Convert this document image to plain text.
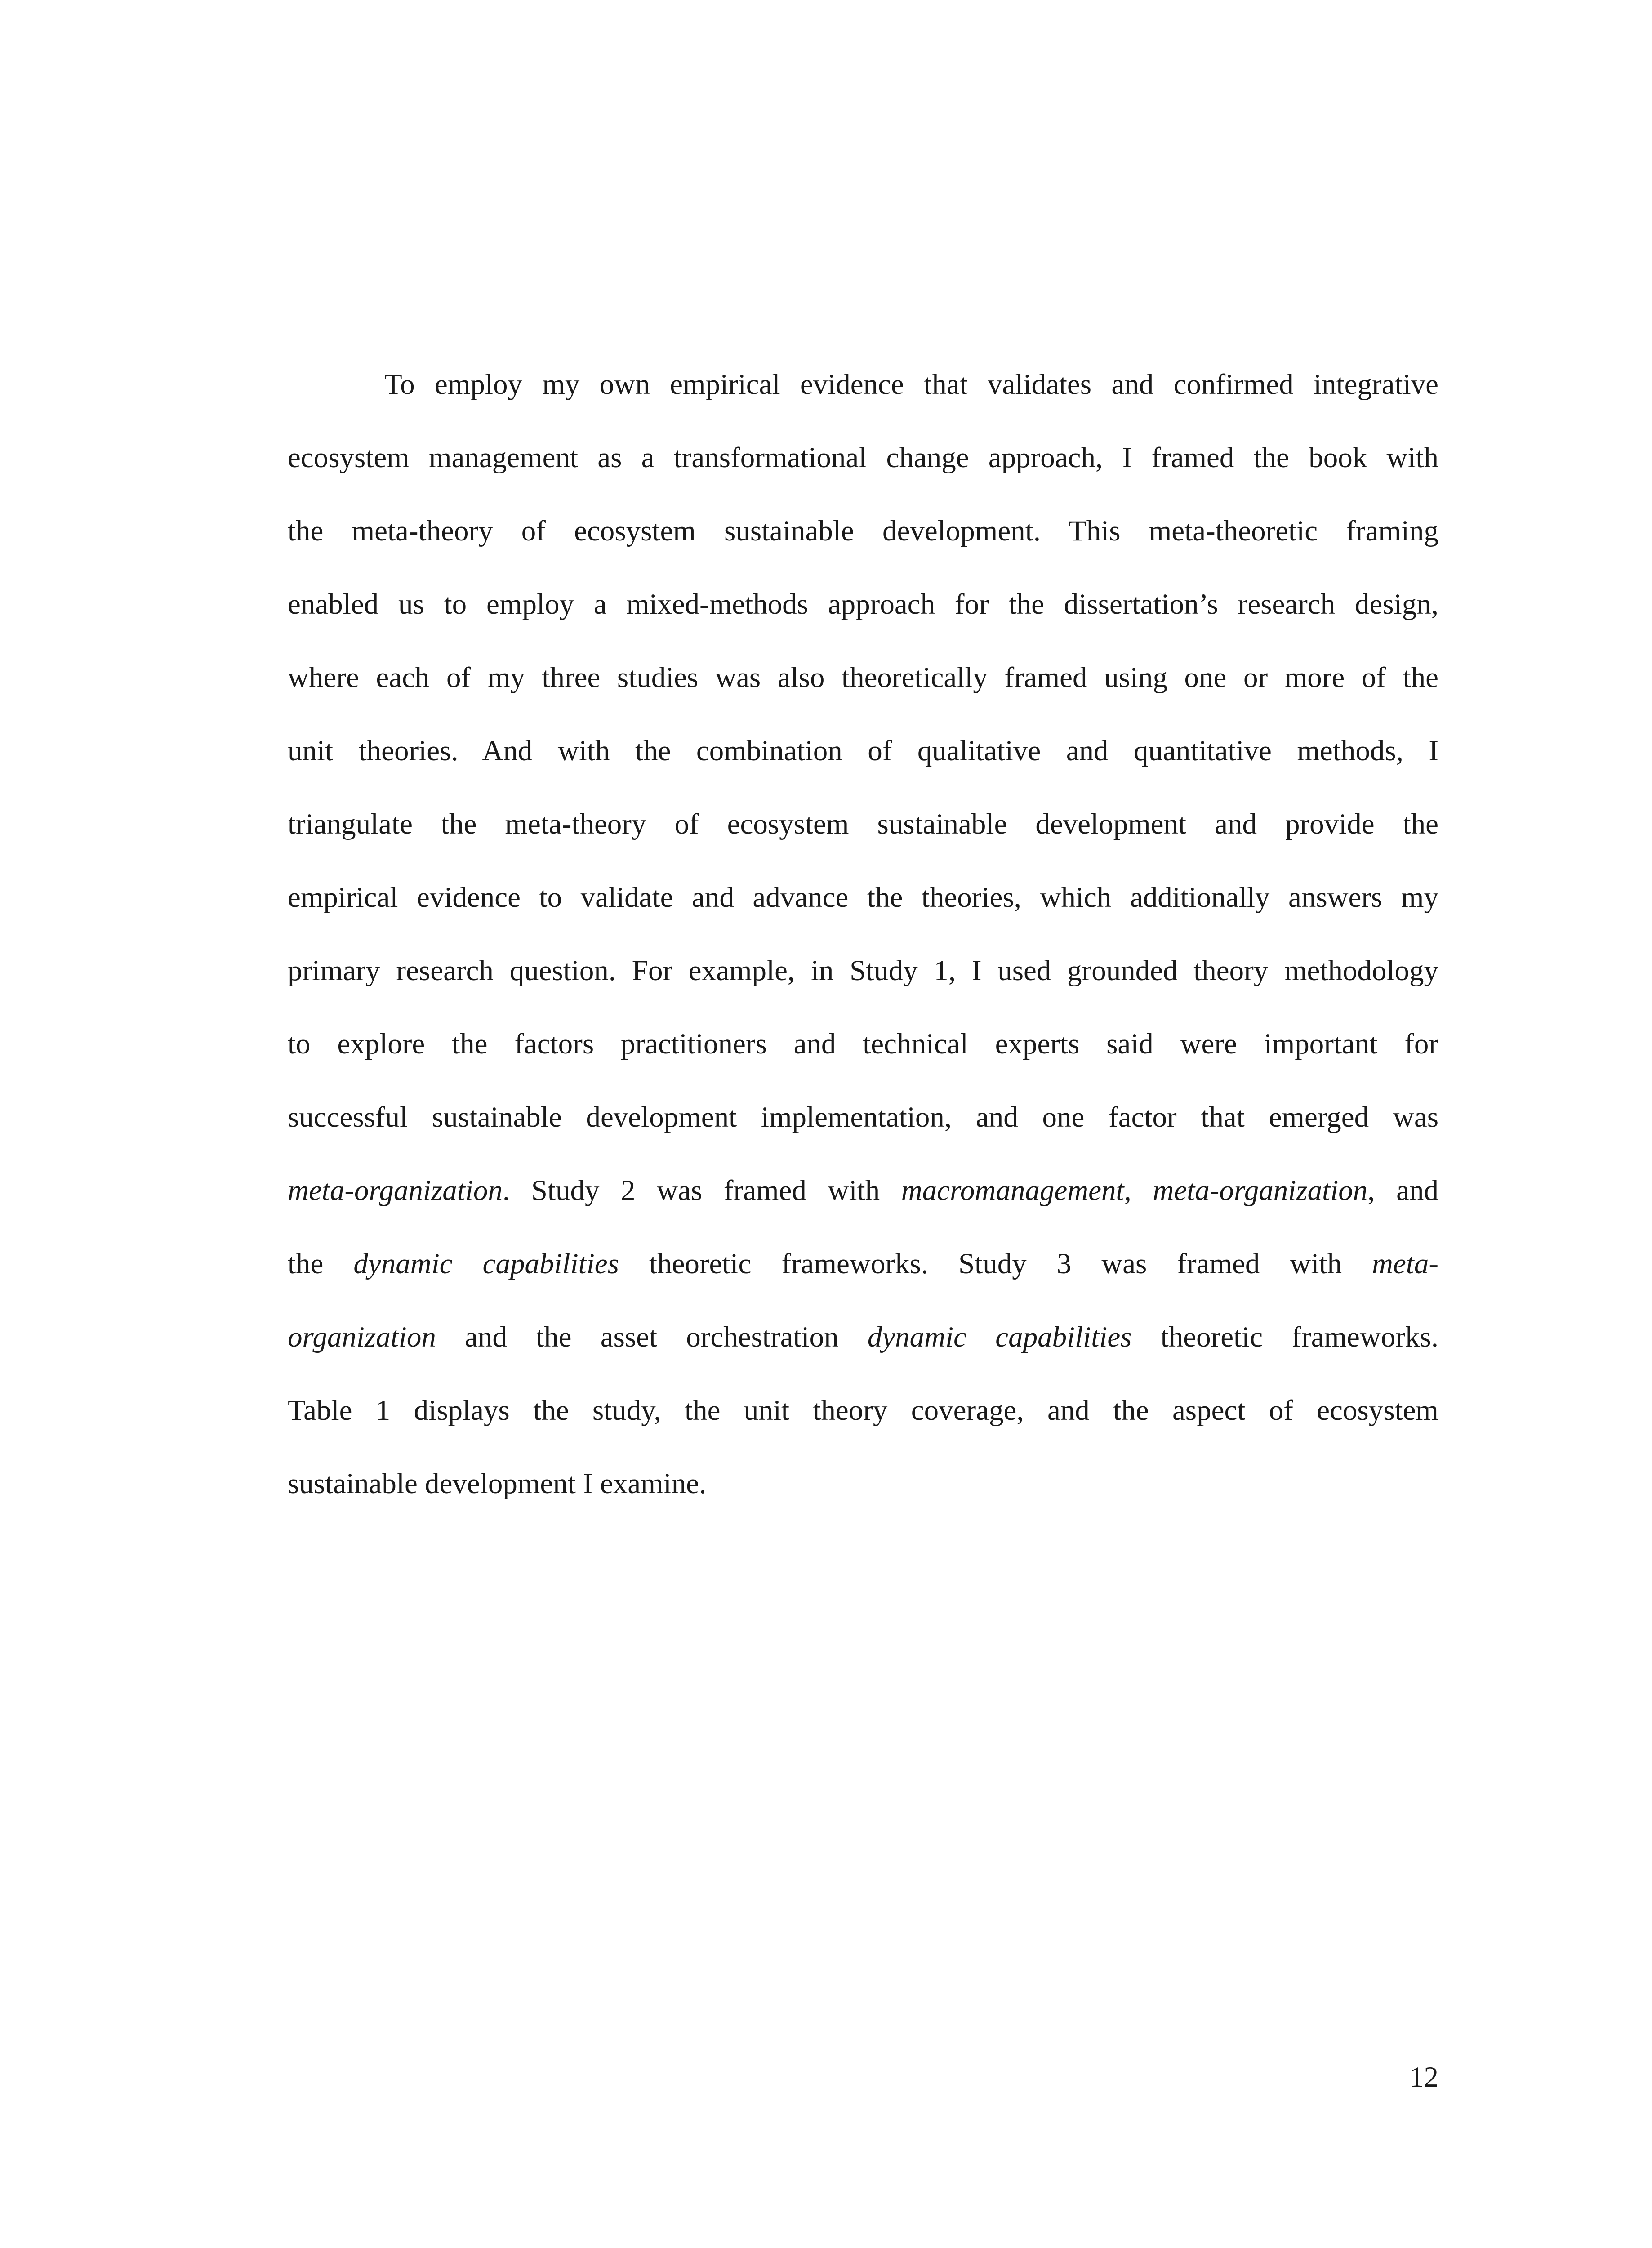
To employ my own empirical evidence that validates and confirmed integrative
ecosystem management as a transformational change approach, I framed the book with
the meta-theory of ecosystem sustainable development. This meta-theoretic framing
enabled us to employ a mixed-methods approach for the dissertation’s research design,
where each of my three studies was also theoretically framed using one or more of the
unit theories. And with the combination of qualitative and quantitative methods, I
triangulate the meta-theory of ecosystem sustainable development and provide the
empirical evidence to validate and advance the theories, which additionally answers my
primary research question. For example, in Study 1, I used grounded theory methodology
to explore the factors practitioners and technical experts said were important for
successful sustainable development implementation, and one factor that emerged was
meta-organization. Study 2 was framed with macromanagement, meta-organization, and
the dynamic capabilities theoretic frameworks. Study 3 was framed with meta-
organization and the asset orchestration dynamic capabilities theoretic frameworks.
Table 1 displays the study, the unit theory coverage, and the aspect of ecosystem
sustainable development I examine.
12
